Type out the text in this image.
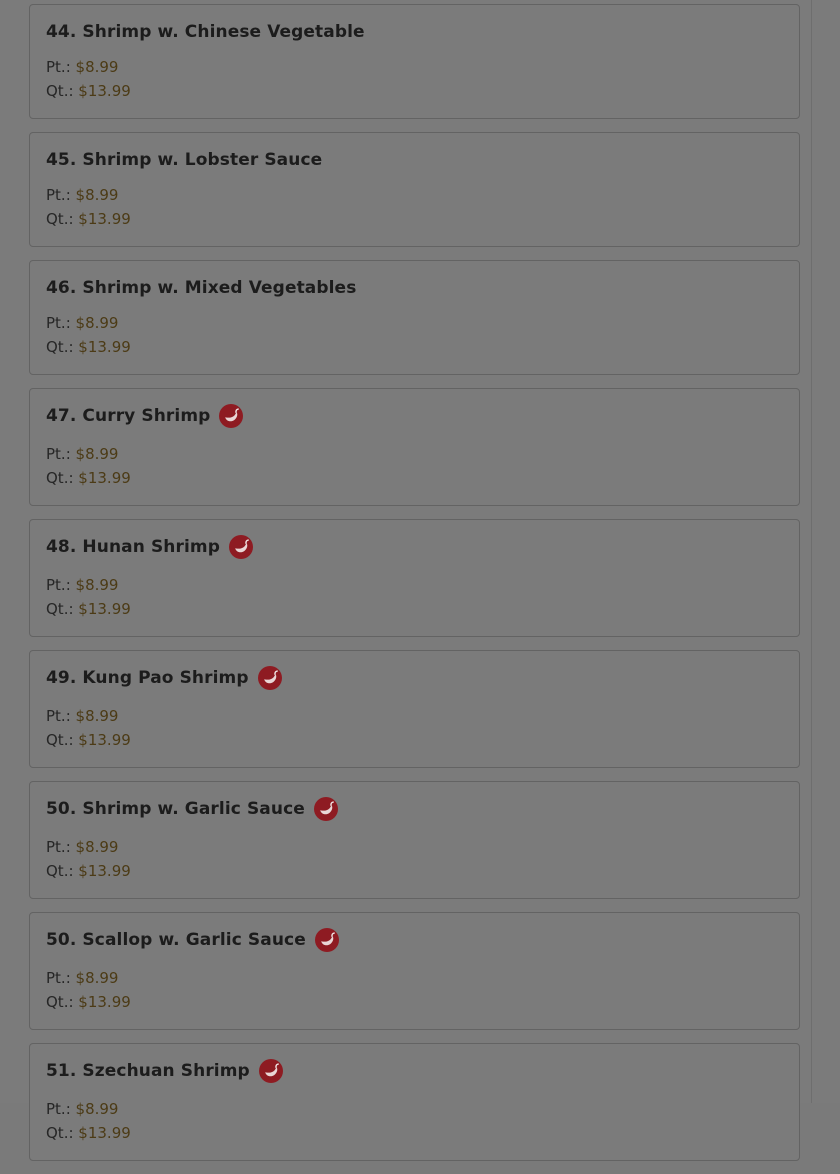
44. Shrimp w. Chinese Vegetable
Pt.: $8.99
Qt.: $13.99
45. Shrimp w. Lobster Sauce
Pt.: $8.99
Qt.: $13.99
46. Shrimp w. Mixed Vegetables
Pt.: $8.99
Qt.: $13.99
47. Curry Shrimp
Pt.: $8.99
Qt.: $13.99
48. Hunan Shrimp
Pt.: $8.99
Qt.: $13.99
49. Kung Pao Shrimp
Pt.: $8.99
Qt.: $13.99
50. Shrimp w. Garlic Sauce
Pt.: $8.99
Qt.: $13.99
50. Scallop w. Garlic Sauce
Pt.: $8.99
Qt.: $13.99
51. Szechuan Shrimp
Pt.: $8.99
Qt.: $13.99
